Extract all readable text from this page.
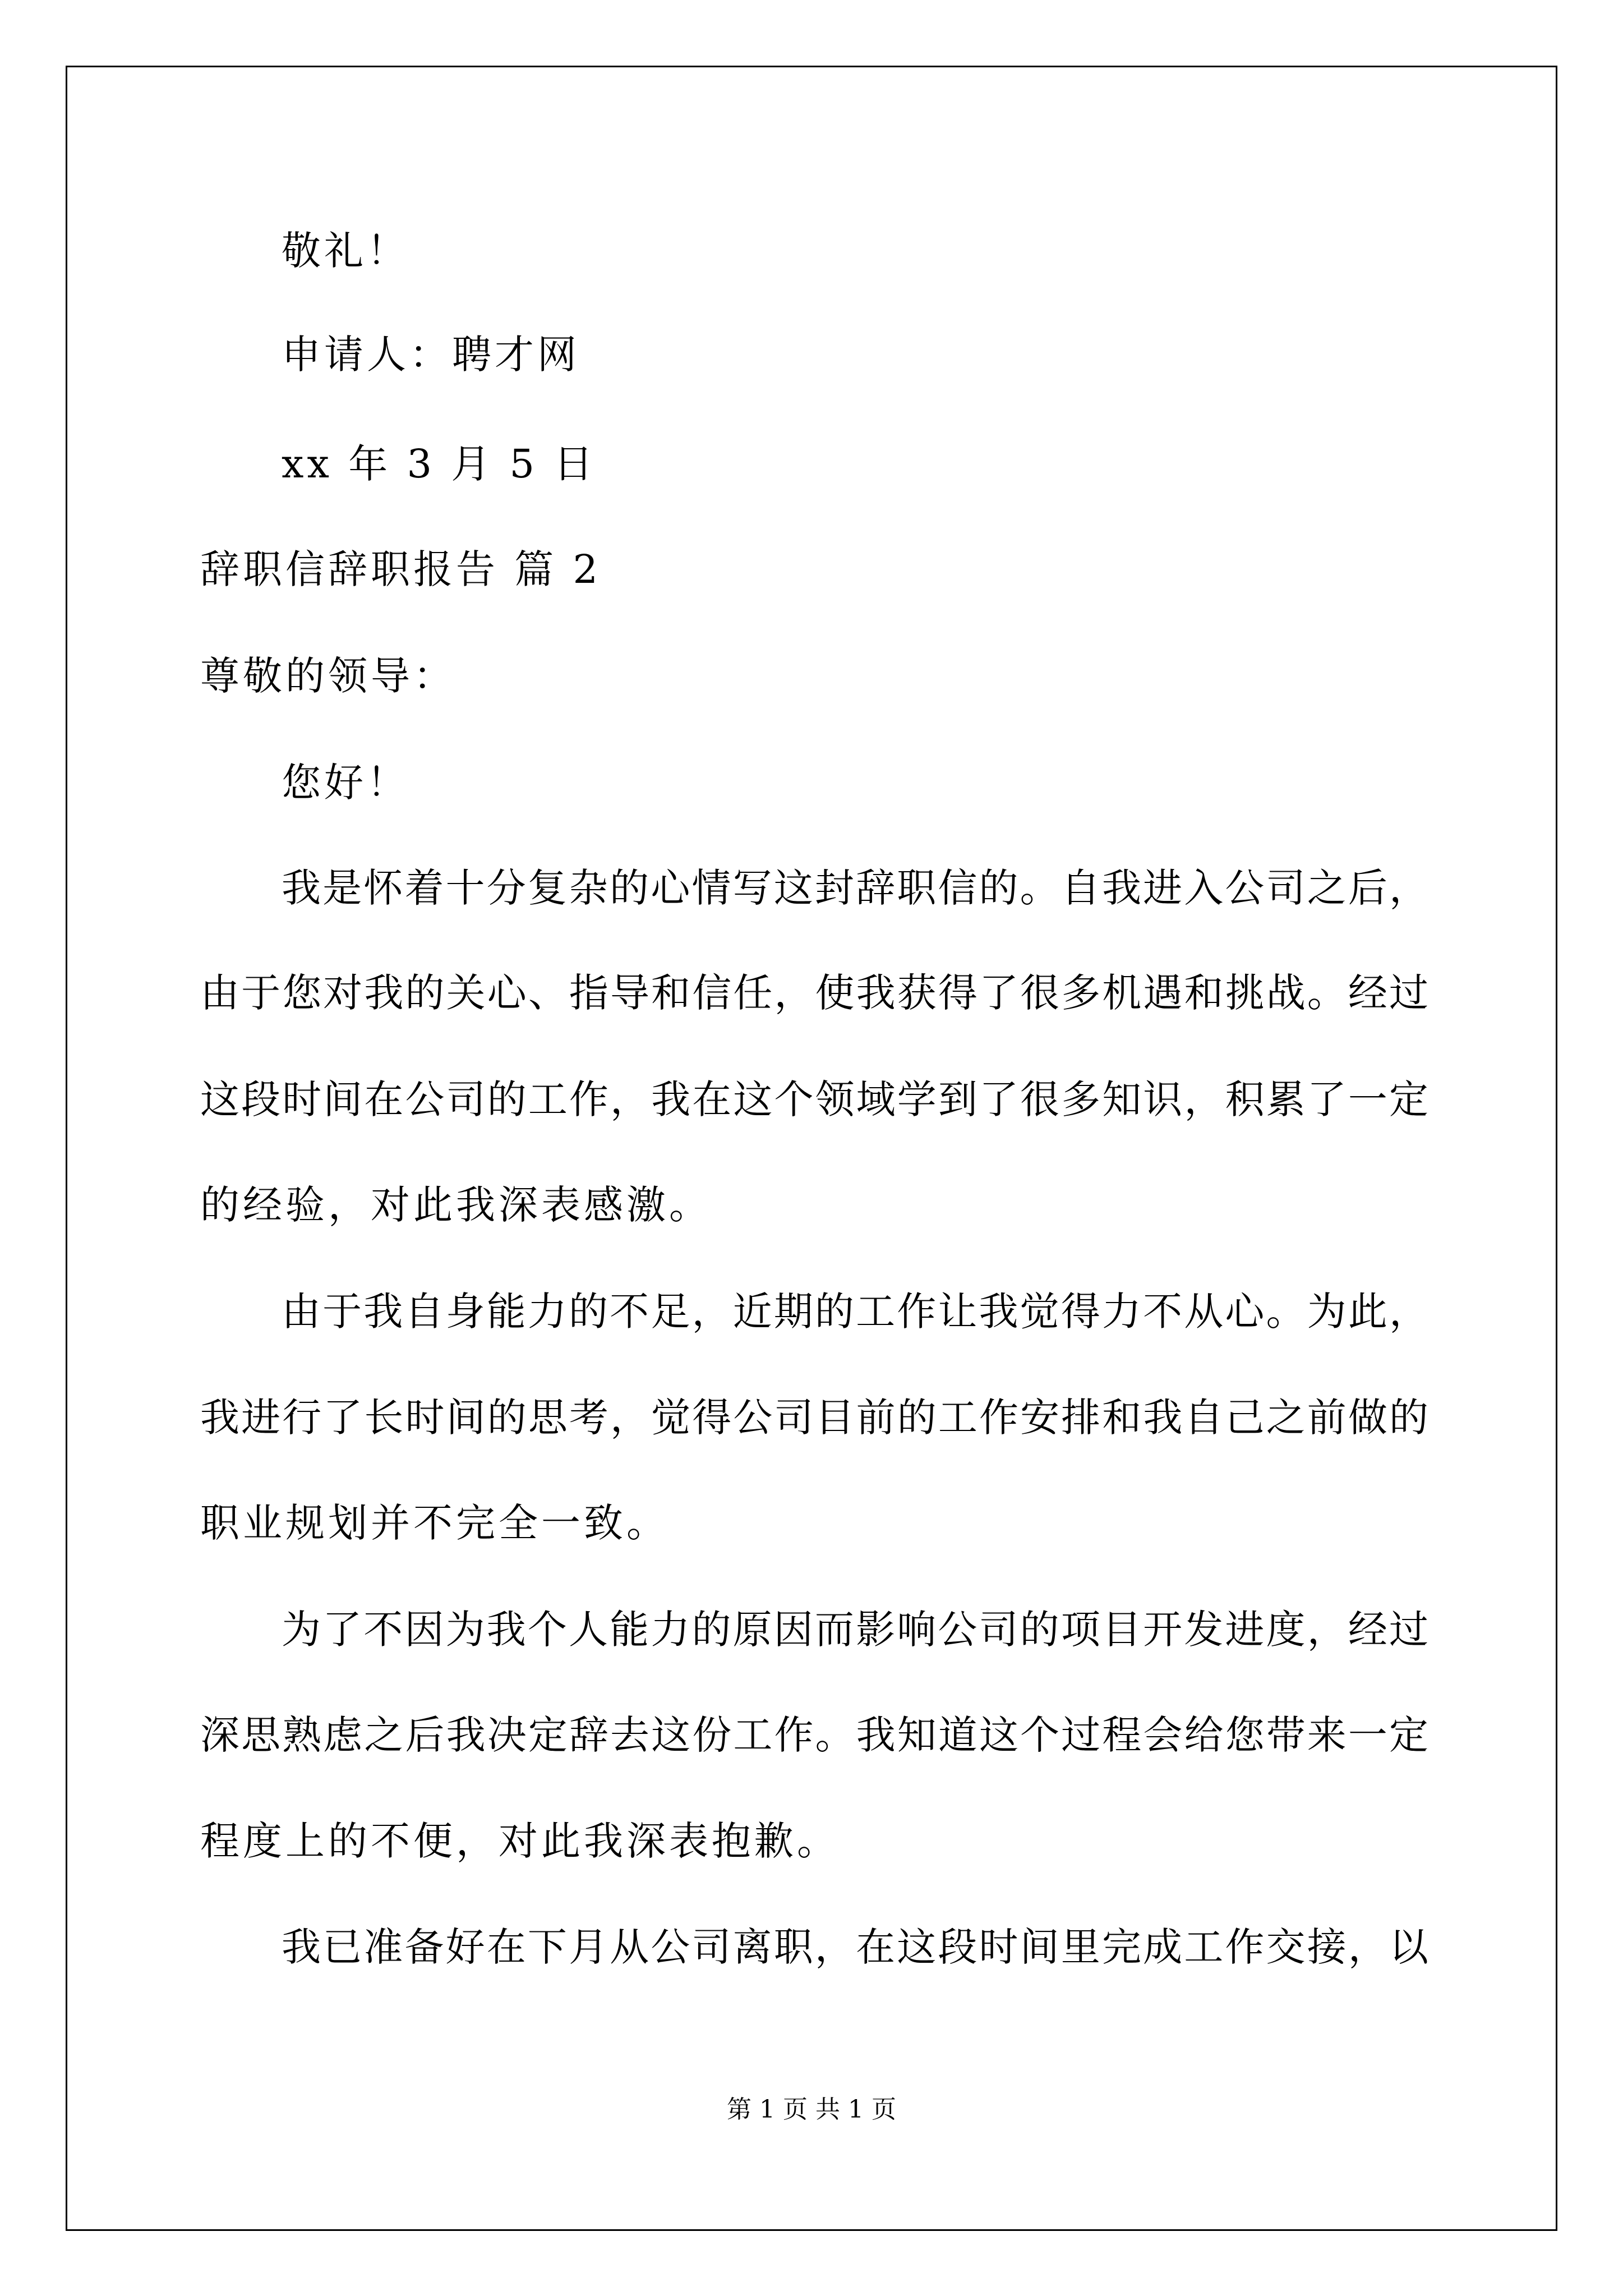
敬礼！
申请人：聘才网
xx 年 3 月 5 日
辞职信辞职报告 篇 2
尊敬的领导：
您好！
我是怀着十分复杂的心情写这封辞职信的。自我进入公司之后，
由于您对我的关心、指导和信任，使我获得了很多机遇和挑战。经过
这段时间在公司的工作，我在这个领域学到了很多知识，积累了一定
的经验，对此我深表感激。
由于我自身能力的不足，近期的工作让我觉得力不从心。为此，
我进行了长时间的思考，觉得公司目前的工作安排和我自己之前做的
职业规划并不完全一致。
为了不因为我个人能力的原因而影响公司的项目开发进度，经过
深思熟虑之后我决定辞去这份工作。我知道这个过程会给您带来一定
程度上的不便，对此我深表抱歉。
我已准备好在下月从公司离职，在这段时间里完成工作交接，以
第 1 页 共 1 页
